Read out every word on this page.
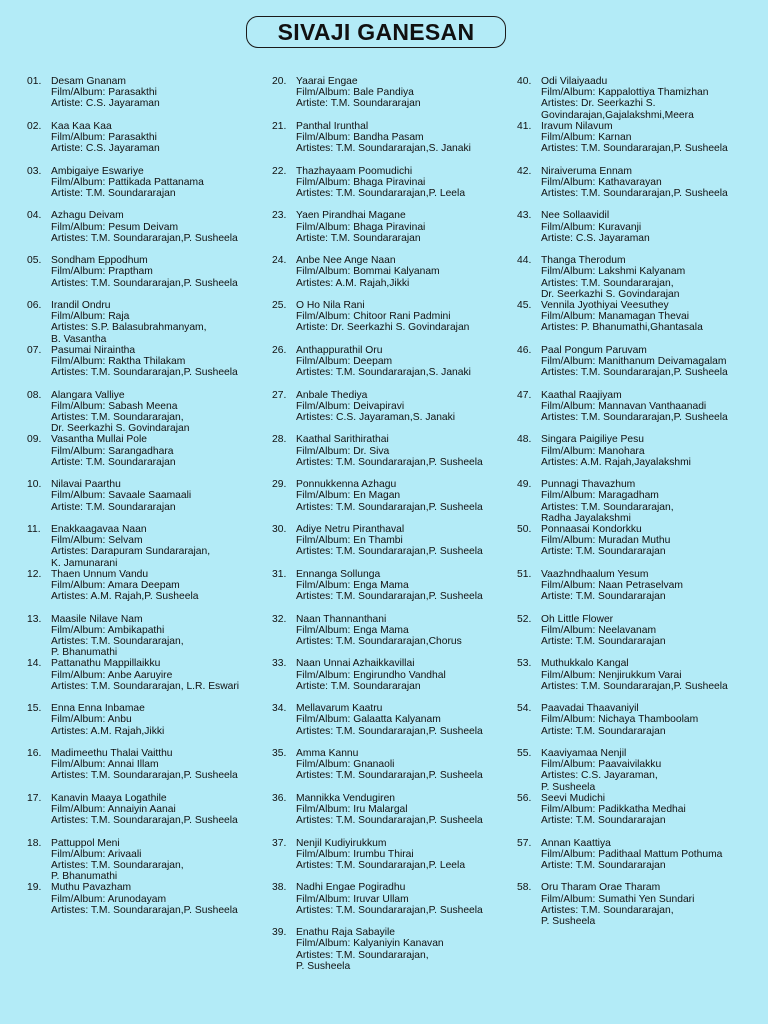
SIVAJI GANESAN
01. Desam Gnanam
Film/Album: Parasakthi
Artiste: C.S. Jayaraman
02. Kaa Kaa Kaa
Film/Album: Parasakthi
Artiste: C.S. Jayaraman
03. Ambigaiye Eswariye
Film/Album: Pattikada Pattanama
Artiste: T.M. Soundararajan
04. Azhagu Deivam
Film/Album: Pesum Deivam
Artistes: T.M. Soundararajan,P. Susheela
05. Sondham Eppodhum
Film/Album: Praptham
Artistes: T.M. Soundararajan,P. Susheela
06. Irandil Ondru
Film/Album: Raja
Artistes: S.P. Balasubrahmanyam,
B. Vasantha
07. Pasumai Niraintha
Film/Album: Raktha Thilakam
Artistes: T.M. Soundararajan,P. Susheela
08. Alangara Valliye
Film/Album: Sabash Meena
Artistes: T.M. Soundararajan,
Dr. Seerkazhi S. Govindarajan
09. Vasantha Mullai Pole
Film/Album: Sarangadhara
Artiste: T.M. Soundararajan
10. Nilavai Paarthu
Film/Album: Savaale Saamaali
Artiste: T.M. Soundararajan
11.	Enakkaagavaa Naan
Film/Album: Selvam
Artistes: Darapuram Sundararajan,
K. Jamunarani
12. Thaen Unnum Vandu
Film/Album: Amara Deepam
Artistes: A.M. Rajah,P. Susheela
13. Maasile Nilave Nam
Film/Album: Ambikapathi
Artistes: T.M. Soundararajan,
P. Bhanumathi
14. Pattanathu Mappillaikku
Film/Album: Anbe Aaruyire
Artistes: T.M. Soundararajan, L.R. Eswari
15. Enna Enna Inbamae
Film/Album: Anbu
Artistes: A.M. Rajah,Jikki
16. Madimeethu Thalai Vaitthu
Film/Album: Annai Illam
Artistes: T.M. Soundararajan,P. Susheela
17. Kanavin Maaya Logathile
Film/Album: Annaiyin Aanai
Artistes: T.M. Soundararajan,P. Susheela
18. Pattuppol Meni
Film/Album: Arivaali
Artistes: T.M. Soundararajan,
P. Bhanumathi
19. Muthu Pavazham
Film/Album: Arunodayam
Artistes: T.M. Soundararajan,P. Susheela
20. Yaarai Engae
Film/Album: Bale Pandiya
Artiste: T.M. Soundararajan
21. Panthal Irunthal
Film/Album: Bandha Pasam
Artistes: T.M. Soundararajan,S. Janaki
22. Thazhayaam Poomudichi
Film/Album: Bhaga Piravinai
Artistes: T.M. Soundararajan,P. Leela
23. Yaen Pirandhai Magane
Film/Album: Bhaga Piravinai
Artiste: T.M. Soundararajan
24. Anbe Nee Ange Naan
Film/Album: Bommai Kalyanam
Artistes: A.M. Rajah,Jikki
25. O Ho Nila Rani
Film/Album: Chitoor Rani Padmini
Artiste: Dr. Seerkazhi S. Govindarajan
26. Anthappurathil Oru
Film/Album: Deepam
Artistes: T.M. Soundararajan,S. Janaki
27. Anbale Thediya
Film/Album: Deivapiravi
Artistes: C.S. Jayaraman,S. Janaki
28. Kaathal Sarithirathai
Film/Album: Dr. Siva
Artistes: T.M. Soundararajan,P. Susheela
29. Ponnukkenna Azhagu
Film/Album: En Magan
Artistes: T.M. Soundararajan,P. Susheela
30. Adiye Netru Piranthaval
Film/Album: En Thambi
Artistes: T.M. Soundararajan,P. Susheela
31. Ennanga Sollunga
Film/Album: Enga Mama
Artistes: T.M. Soundararajan,P. Susheela
32. Naan Thannanthani
Film/Album: Enga Mama
Artistes: T.M. Soundararajan,Chorus
33. Naan Unnai Azhaikkavillai
Film/Album: Engirundho Vandhal
Artiste: T.M. Soundararajan
34. Mellavarum Kaatru
Film/Album: Galaatta Kalyanam
Artistes: T.M. Soundararajan,P. Susheela
35. Amma Kannu
Film/Album: Gnanaoli
Artistes: T.M. Soundararajan,P. Susheela
36. Mannikka Vendugiren
Film/Album: Iru Malargal
Artistes: T.M. Soundararajan,P. Susheela
37. Nenjil Kudiyirukkum
Film/Album: Irumbu Thirai
Artistes: T.M. Soundararajan,P. Leela
38. Nadhi Engae Pogiradhu
Film/Album: Iruvar Ullam
Artistes: T.M. Soundararajan,P. Susheela
39. Enathu Raja Sabayile
Film/Album: Kalyaniyin Kanavan
Artistes: T.M. Soundararajan,
P. Susheela
40. Odi Vilaiyaadu
Film/Album: Kappalottiya Thamizhan
Artistes: Dr. Seerkazhi S.
Govindarajan,Gajalakshmi,Meera
41. Iravum Nilavum
Film/Album: Karnan
Artistes: T.M. Soundararajan,P. Susheela
42. Niraiveruma Ennam
Film/Album: Kathavarayan
Artistes: T.M. Soundararajan,P. Susheela
43. Nee Sollaavidil
Film/Album: Kuravanji
Artiste: C.S. Jayaraman
44. Thanga Therodum
Film/Album: Lakshmi Kalyanam
Artistes: T.M. Soundararajan,
Dr. Seerkazhi S. Govindarajan
45. Vennila Jyothiyai Veesuthey
Film/Album: Manamagan Thevai
Artistes: P. Bhanumathi,Ghantasala
46. Paal Pongum Paruvam
Film/Album: Manithanum Deivamagalam
Artistes: T.M. Soundararajan,P. Susheela
47. Kaathal Raajiyam
Film/Album: Mannavan Vanthaanadi
Artistes: T.M. Soundararajan,P. Susheela
48. Singara Paigiliye Pesu
Film/Album: Manohara
Artistes: A.M. Rajah,Jayalakshmi
49. Punnagi Thavazhum
Film/Album: Maragadham
Artistes: T.M. Soundararajan,
Radha Jayalakshmi
50. Ponnaasai Kondorkku
Film/Album: Muradan Muthu
Artiste: T.M. Soundararajan
51. Vaazhndhaalum Yesum
Film/Album: Naan Petraselvam
Artiste: T.M. Soundararajan
52. Oh Little Flower
Film/Album: Neelavanam
Artiste: T.M. Soundararajan
53. Muthukkalo Kangal
Film/Album: Nenjirukkum Varai
Artistes: T.M. Soundararajan,P. Susheela
54. Paavadai Thaavaniyil
Film/Album: Nichaya Thamboolam
Artiste: T.M. Soundararajan
55. Kaaviyamaa Nenjil
Film/Album: Paavaivilakku
Artistes: C.S. Jayaraman,
P. Susheela
56. Seevi Mudichi
Film/Album: Padikkatha Medhai
Artiste: T.M. Soundararajan
57. Annan Kaattiya
Film/Album: Padithaal Mattum Pothuma
Artiste: T.M. Soundararajan
58. Oru Tharam Orae Tharam
Film/Album: Sumathi Yen Sundari
Artistes: T.M. Soundararajan,
P. Susheela
